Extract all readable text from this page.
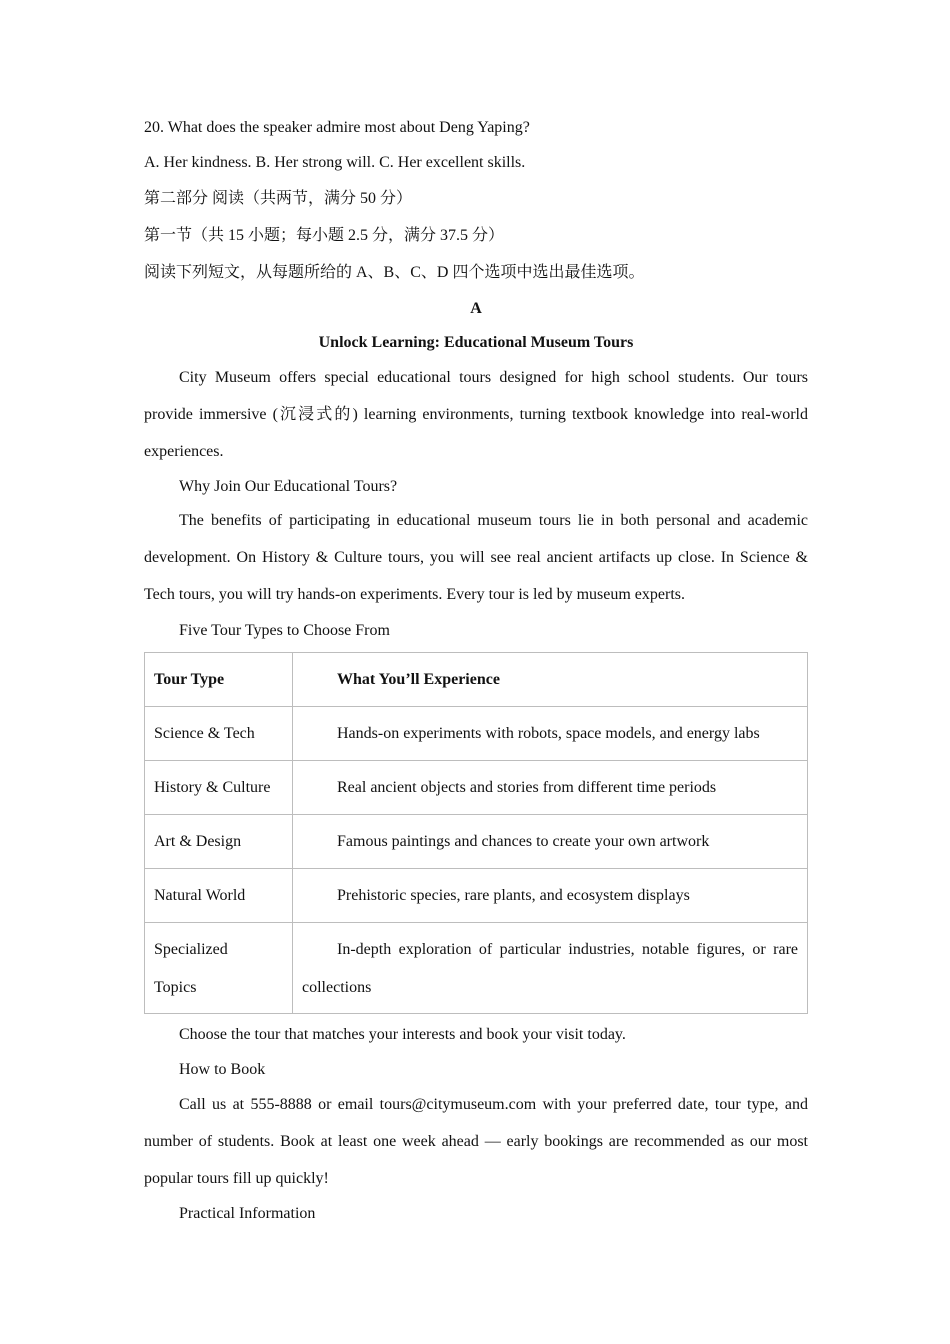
20. What does the speaker admire most about Deng Yaping?
A. Her kindness. B. Her strong will. C. Her excellent skills.
第二部分 阅读（共两节，满分 50 分）
第一节（共 15 小题；每小题 2.5 分，满分 37.5 分）
阅读下列短文，从每题所给的 A、B、C、D 四个选项中选出最佳选项。
A
Unlock Learning: Educational Museum Tours
City Museum offers special educational tours designed for high school students. Our tours provide immersive (沉浸式的) learning environments, turning textbook knowledge into real-world experiences.
Why Join Our Educational Tours?
The benefits of participating in educational museum tours lie in both personal and academic development. On History & Culture tours, you will see real ancient artifacts up close. In Science & Tech tours, you will try hands-on experiments. Every tour is led by museum experts.
Five Tour Types to Choose From
Tour Type	What You’ll Experience
Science & Tech	Hands-on experiments with robots, space models, and energy labs
History & Culture	Real ancient objects and stories from different time periods
Art & Design	Famous paintings and chances to create your own artwork
Natural World	Prehistoric species, rare plants, and ecosystem displays

Specialized Topics	In-depth exploration of particular industries, notable figures, or rare collections
Choose the tour that matches your interests and book your visit today.
How to Book
Call us at 555-8888 or email tours@citymuseum.com with your preferred date, tour type, and number of students. Book at least one week ahead — early bookings are recommended as our most popular tours fill up quickly!
Practical Information
